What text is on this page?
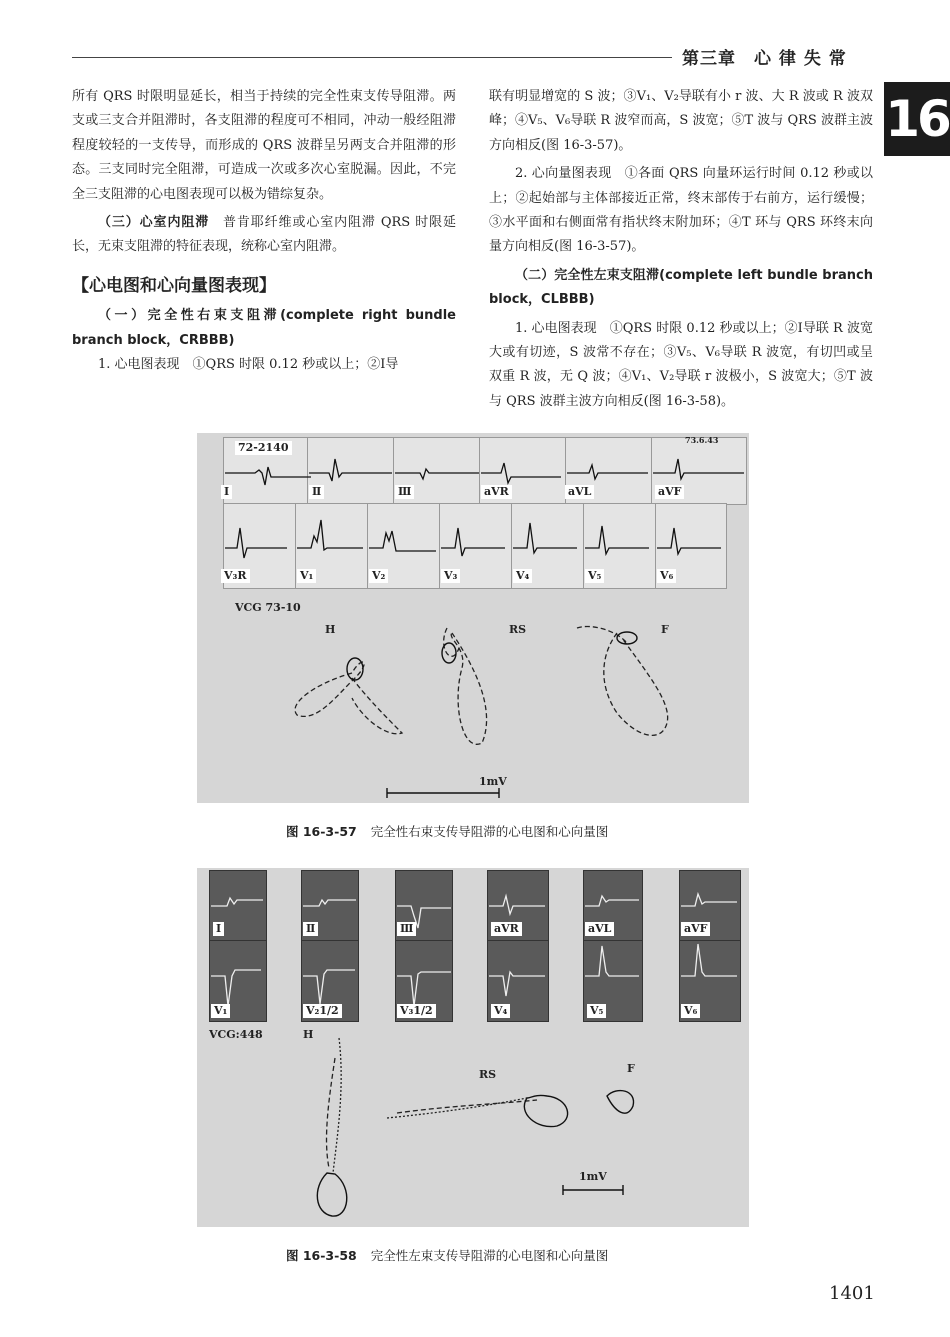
第三章　心 律 失 常
16

所有 QRS 时限明显延长，相当于持续的完全性束支传导阻滞。两支或三支合并阻滞时，各支阻滞的程度可不相同，冲动一般经阻滞程度较轻的一支传导，而形成的 QRS 波群呈另两支合并阻滞的形态。三支同时完全阻滞，可造成一次或多次心室脱漏。因此，不完全三支阻滞的心电图表现可以极为错综复杂。

（三）心室内阻滞　普肯耶纤维或心室内阻滞 QRS 时限延长，无束支阻滞的特征表现，统称心室内阻滞。

【心电图和心向量图表现】

（一）完全性右束支阻滞(complete right bundle branch block，CRBBB)

1. 心电图表现　①QRS 时限 0.12 秒或以上；②Ⅰ导

联有明显增宽的 S 波；③V₁、V₂导联有小 r 波、大 R 波或 R 波双峰；④V₅、V₆导联 R 波窄而高，S 波宽；⑤T 波与 QRS 波群主波方向相反(图 16-3-57)。

2. 心向量图表现　①各面 QRS 向量环运行时间 0.12 秒或以上；②起始部与主体部接近正常，终末部传于右前方，运行缓慢；③水平面和右侧面常有指状终末附加环；④T 环与 QRS 环终末向量方向相反(图 16-3-57)。

（二）完全性左束支阻滞(complete left bundle branch block，CLBBB)

1. 心电图表现　①QRS 时限 0.12 秒或以上；②Ⅰ导联 R 波宽大或有切迹，S 波常不存在；③V₅、V₆导联 R 波宽，有切凹或呈双重 R 波，无 Q 波；④V₁、V₂导联 r 波极小，S 波宽大；⑤T 波与 QRS 波群主波方向相反(图 16-3-58)。

72-2140
73.6.43
Ⅰ	Ⅱ	Ⅲ	aVR	aVL	aVF
V₃R	V₁	V₂	V₃	V₄	V₅	V₆
VCG 73-10
H	RS	F
1mV
图 16-3-57 完全性右束支传导阻滞的心电图和心向量图
Ⅰ	Ⅱ	Ⅲ	aVR	aVL	aVF
V₁	V₂1/2	V₃1/2	V₄	V₅	V₆
VCG:448	H
RS	F
1mV
图 16-3-58 完全性左束支传导阻滞的心电图和心向量图
1401
